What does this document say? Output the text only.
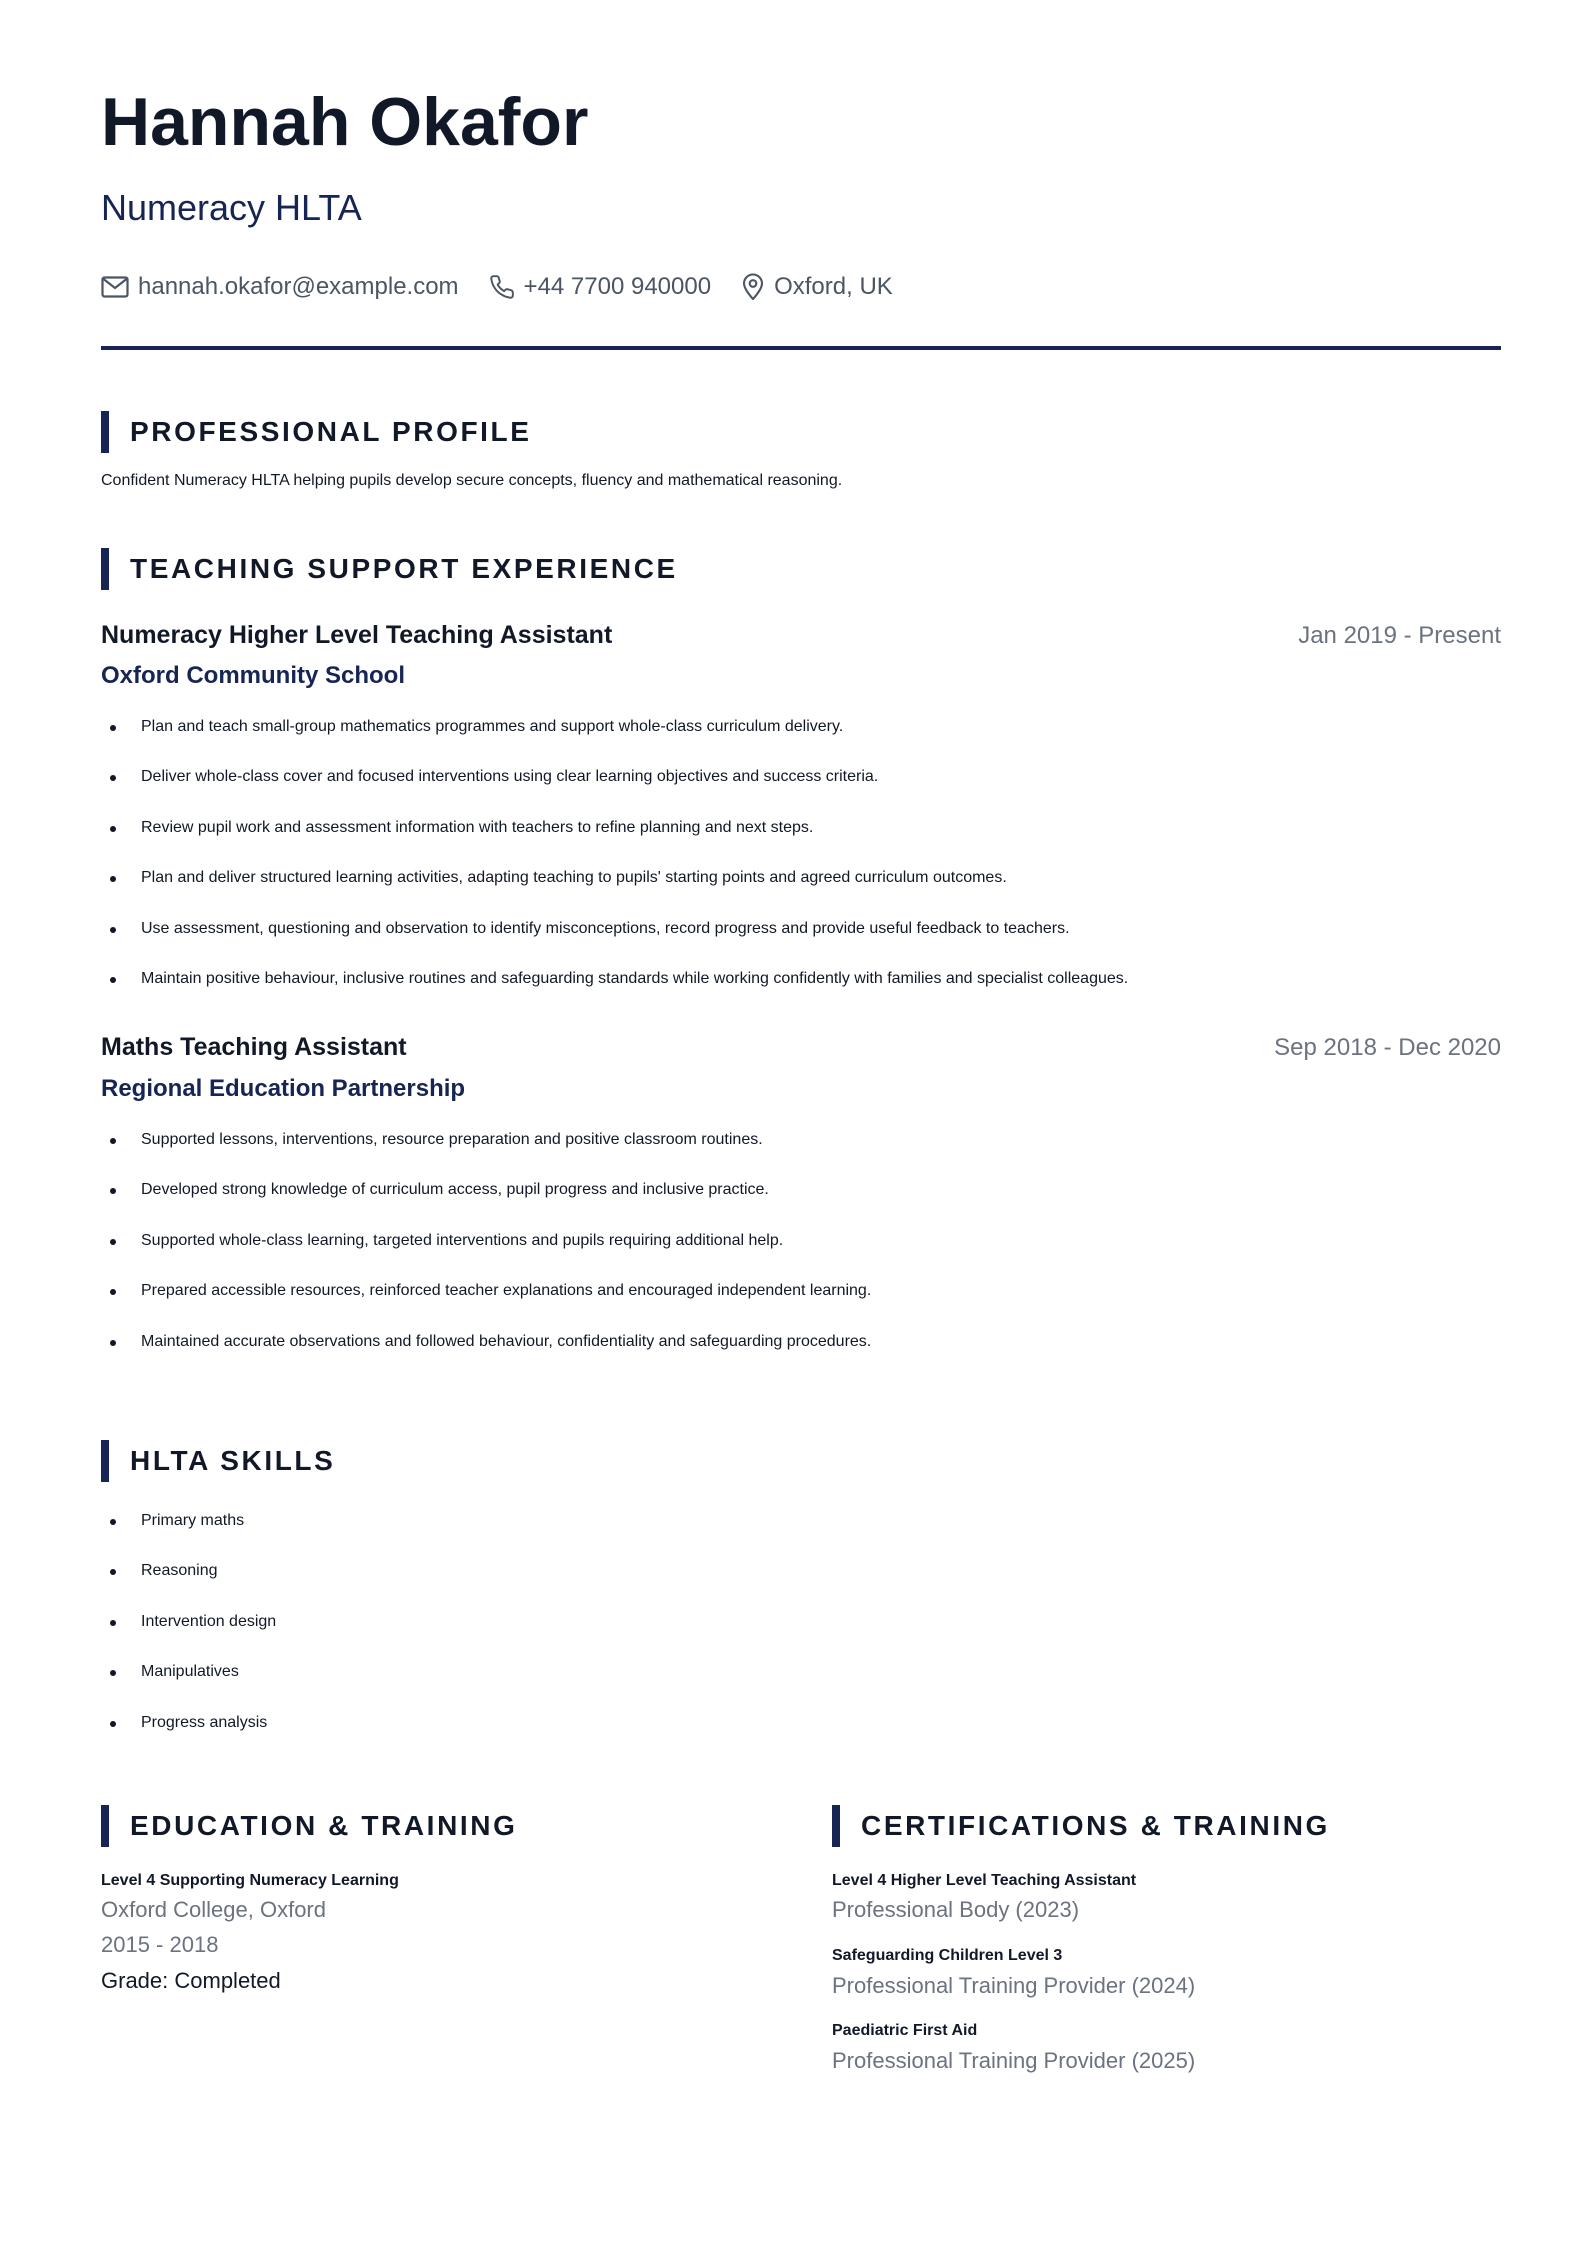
Hannah Okafor
Numeracy HLTA
hannah.okafor@example.com	+44 7700 940000	Oxford, UK
PROFESSIONAL PROFILE
Confident Numeracy HLTA helping pupils develop secure concepts, fluency and mathematical reasoning.
TEACHING SUPPORT EXPERIENCE
Numeracy Higher Level Teaching Assistant	Jan 2019 - Present
Oxford Community School
Plan and teach small-group mathematics programmes and support whole-class curriculum delivery.
Deliver whole-class cover and focused interventions using clear learning objectives and success criteria.
Review pupil work and assessment information with teachers to refine planning and next steps.
Plan and deliver structured learning activities, adapting teaching to pupils' starting points and agreed curriculum outcomes.
Use assessment, questioning and observation to identify misconceptions, record progress and provide useful feedback to teachers.
Maintain positive behaviour, inclusive routines and safeguarding standards while working confidently with families and specialist colleagues.
Maths Teaching Assistant	Sep 2018 - Dec 2020
Regional Education Partnership
Supported lessons, interventions, resource preparation and positive classroom routines.
Developed strong knowledge of curriculum access, pupil progress and inclusive practice.
Supported whole-class learning, targeted interventions and pupils requiring additional help.
Prepared accessible resources, reinforced teacher explanations and encouraged independent learning.
Maintained accurate observations and followed behaviour, confidentiality and safeguarding procedures.
HLTA SKILLS
Primary maths
Reasoning
Intervention design
Manipulatives
Progress analysis
EDUCATION & TRAINING
Level 4 Supporting Numeracy Learning
Oxford College, Oxford
2015 - 2018
Grade: Completed
CERTIFICATIONS & TRAINING
Level 4 Higher Level Teaching Assistant
Professional Body (2023)
Safeguarding Children Level 3
Professional Training Provider (2024)
Paediatric First Aid
Professional Training Provider (2025)
